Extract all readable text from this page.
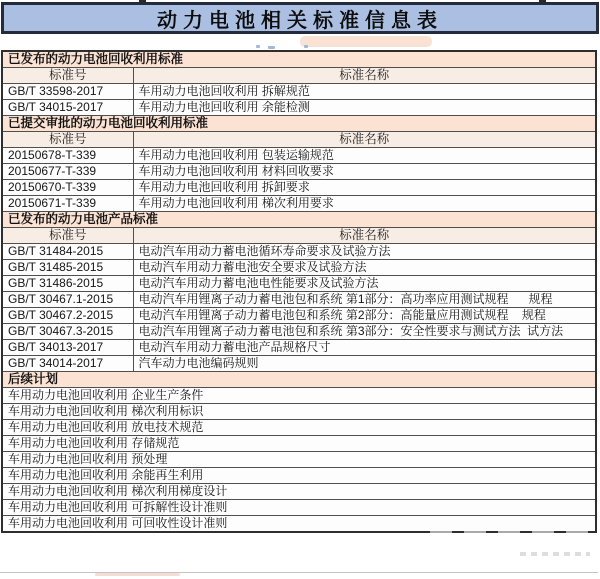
动力电池相关标准信息表
已发布的动力电池回收利用标准	
标准号	标准名称
GB/T 33598-2017	车用动力电池回收利用 拆解规范
GB/T 34015-2017	车用动力电池回收利用 余能检测
已提交审批的动力电池回收利用标准	
标准号	标准名称
20150678-T-339	车用动力电池回收利用 包装运输规范
20150677-T-339	车用动力电池回收利用 材料回收要求
20150670-T-339	车用动力电池回收利用 拆卸要求
20150671-T-339	车用动力电池回收利用 梯次利用要求
已发布的动力电池产品标准	
标准号	标准名称
GB/T 31484-2015	电动汽车用动力蓄电池循环寿命要求及试验方法
GB/T 31485-2015	电动汽车用动力蓄电池安全要求及试验方法
GB/T 31486-2015	电动汽车用动力蓄电池电性能要求及试验方法
GB/T 30467.1-2015	电动汽车用锂离子动力蓄电池包和系统 第1部分：高功率应用测试规程      规程
GB/T 30467.2-2015	电动汽车用锂离子动力蓄电池包和系统 第2部分：高能量应用测试规程    规程
GB/T 30467.3-2015	电动汽车用锂离子动力蓄电池包和系统 第3部分：安全性要求与测试方法  试方法
GB/T 34013-2017	电动汽车用动力蓄电池产品规格尺寸
GB/T 34014-2017	汽车动力电池编码规则
后续计划	
车用动力电池回收利用 企业生产条件	
车用动力电池回收利用 梯次利用标识	
车用动力电池回收利用 放电技术规范	
车用动力电池回收利用 存储规范	
车用动力电池回收利用 预处理	
车用动力电池回收利用 余能再生利用	
车用动力电池回收利用 梯次利用梯度设计	
车用动力电池回收利用 可拆解性设计准则	
车用动力电池回收利用 可回收性设计准则	
